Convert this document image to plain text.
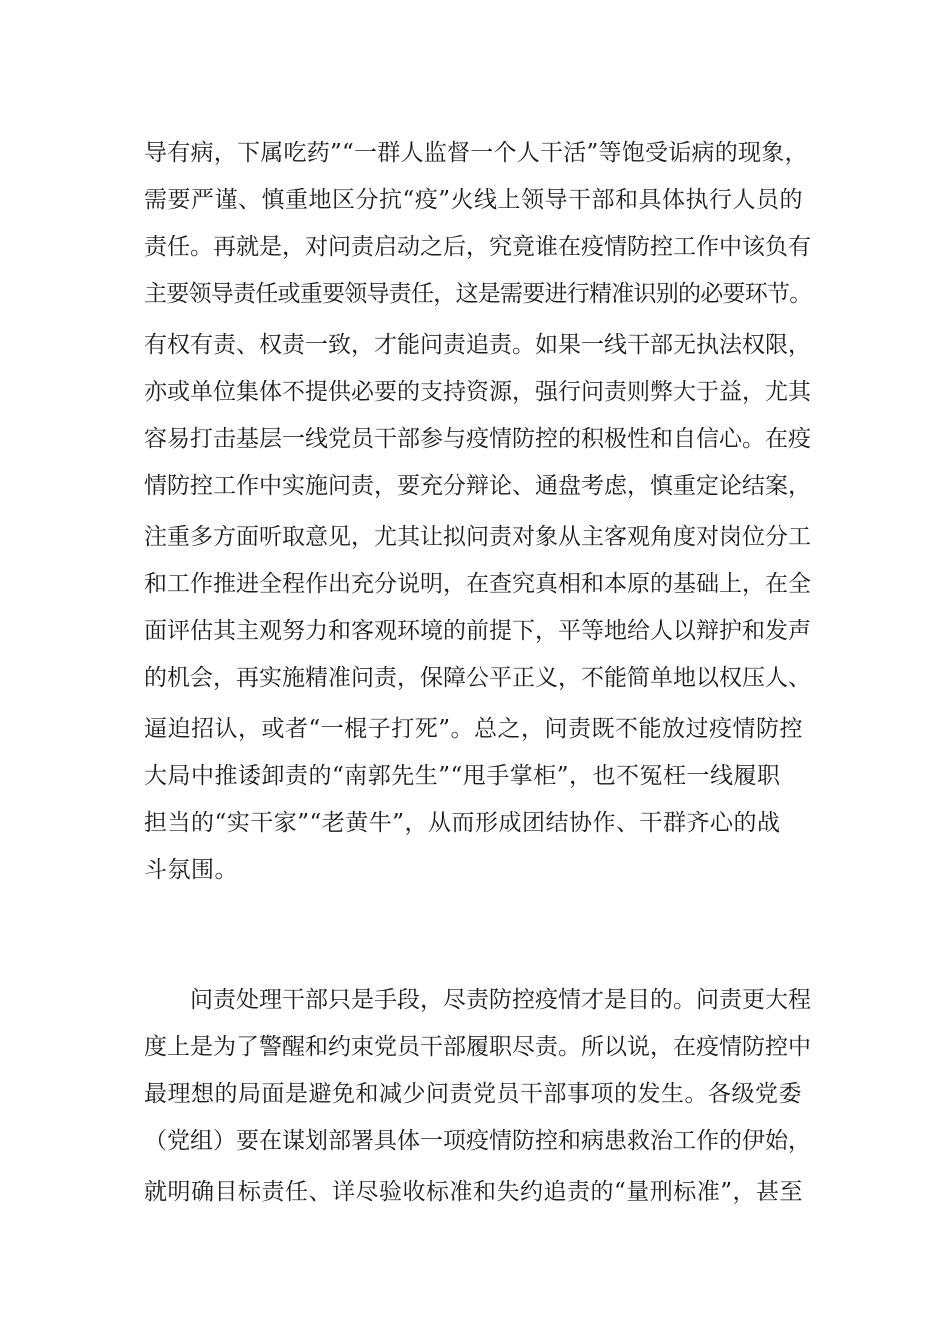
导有病，下属吃药”“一群人监督一个人干活”等饱受诟病的现象，
需要严谨、慎重地区分抗“疫”火线上领导干部和具体执行人员的
责任。再就是，对问责启动之后，究竟谁在疫情防控工作中该负有
主要领导责任或重要领导责任，这是需要进行精准识别的必要环节。
有权有责、权责一致，才能问责追责。如果一线干部无执法权限，
亦或单位集体不提供必要的支持资源，强行问责则弊大于益，尤其
容易打击基层一线党员干部参与疫情防控的积极性和自信心。在疫
情防控工作中实施问责，要充分辩论、通盘考虑，慎重定论结案，
注重多方面听取意见，尤其让拟问责对象从主客观角度对岗位分工
和工作推进全程作出充分说明，在查究真相和本原的基础上，在全
面评估其主观努力和客观环境的前提下，平等地给人以辩护和发声
的机会，再实施精准问责，保障公平正义，不能简单地以权压人、
逼迫招认，或者“一棍子打死”。总之，问责既不能放过疫情防控
大局中推诿卸责的“南郭先生”“甩手掌柜”，也不冤枉一线履职
担当的“实干家”“老黄牛”，从而形成团结协作、干群齐心的战
斗氛围。
问责处理干部只是手段，尽责防控疫情才是目的。问责更大程
度上是为了警醒和约束党员干部履职尽责。所以说，在疫情防控中
最理想的局面是避免和减少问责党员干部事项的发生。各级党委
（党组）要在谋划部署具体一项疫情防控和病患救治工作的伊始，
就明确目标责任、详尽验收标准和失约追责的“量刑标准”，甚至
